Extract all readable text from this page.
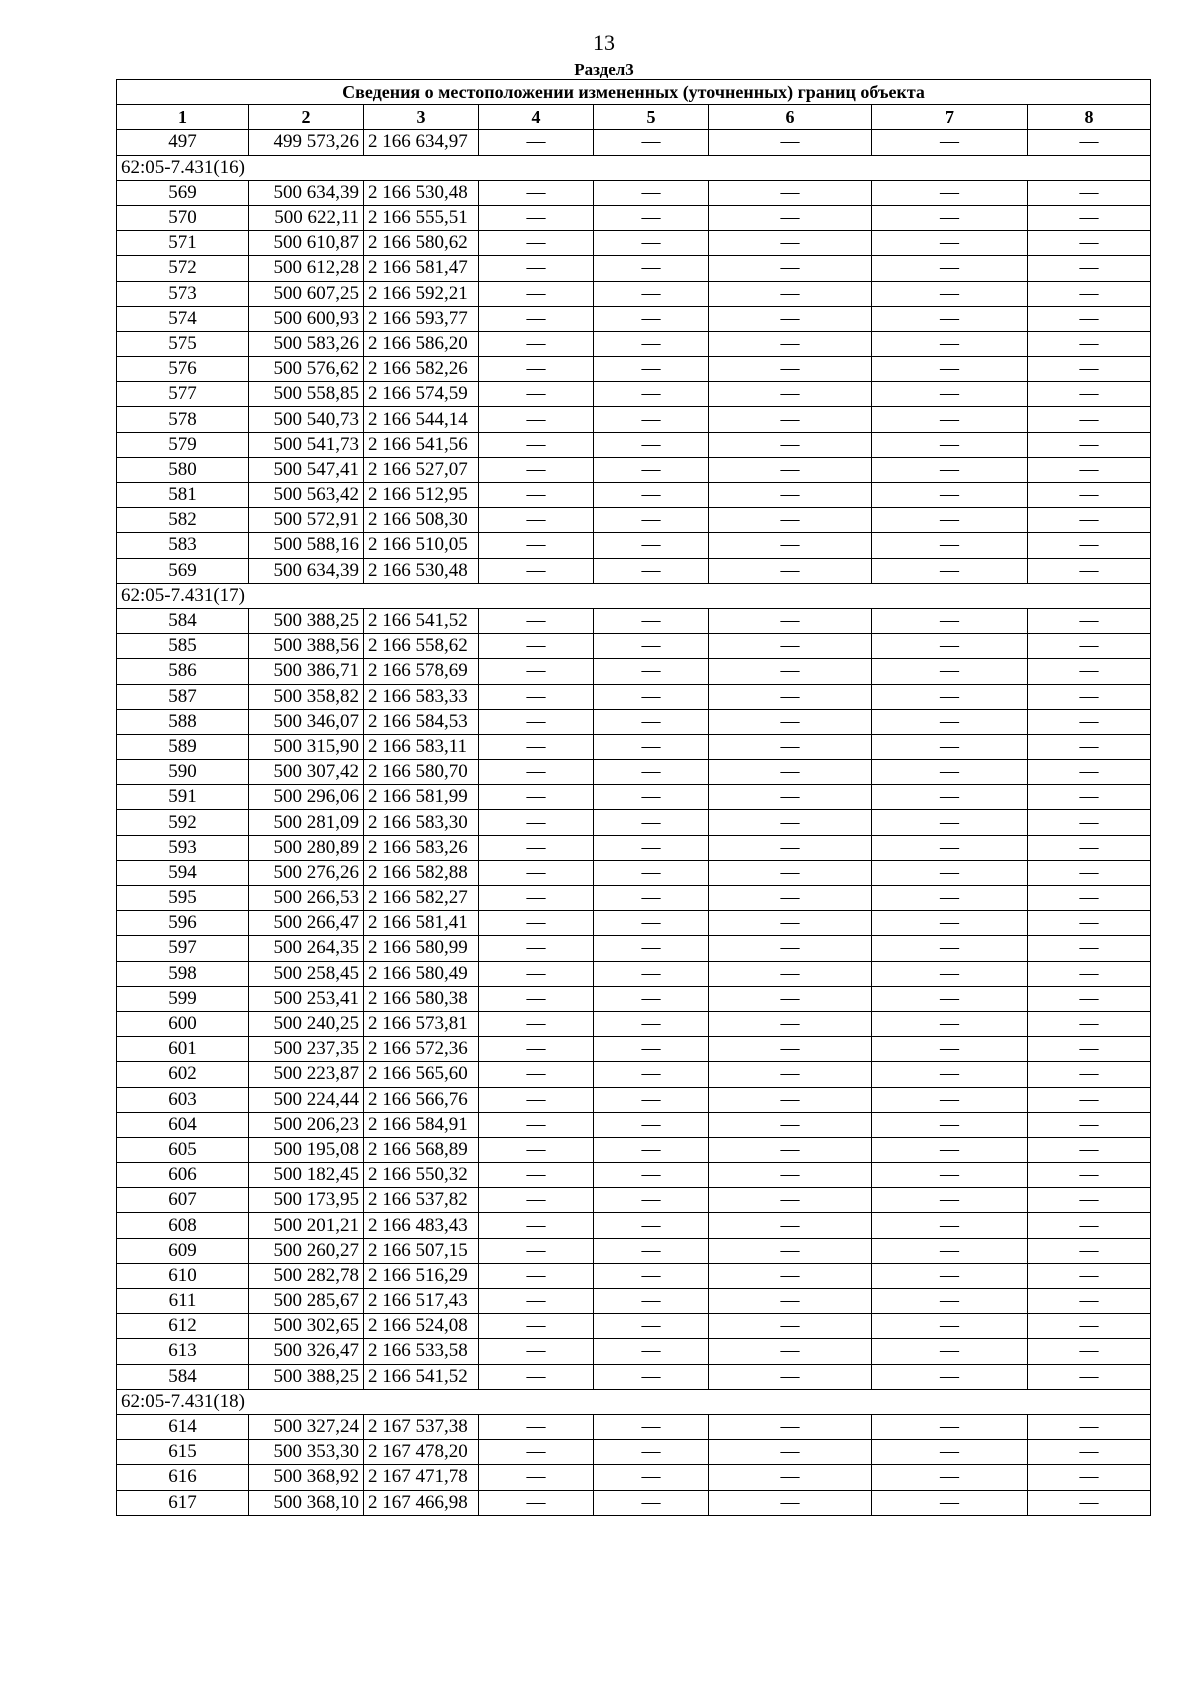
13
Раздел3
Сведения о местоположении измененных (уточненных) границ объекта							
1	2	3	4	5	6	7	8
497	499 573,26	2 166 634,97	—	—	—	—	—
62:05-7.431(16)							
569	500 634,39	2 166 530,48	—	—	—	—	—
570	500 622,11	2 166 555,51	—	—	—	—	—
571	500 610,87	2 166 580,62	—	—	—	—	—
572	500 612,28	2 166 581,47	—	—	—	—	—
573	500 607,25	2 166 592,21	—	—	—	—	—
574	500 600,93	2 166 593,77	—	—	—	—	—
575	500 583,26	2 166 586,20	—	—	—	—	—
576	500 576,62	2 166 582,26	—	—	—	—	—
577	500 558,85	2 166 574,59	—	—	—	—	—
578	500 540,73	2 166 544,14	—	—	—	—	—
579	500 541,73	2 166 541,56	—	—	—	—	—
580	500 547,41	2 166 527,07	—	—	—	—	—
581	500 563,42	2 166 512,95	—	—	—	—	—
582	500 572,91	2 166 508,30	—	—	—	—	—
583	500 588,16	2 166 510,05	—	—	—	—	—
569	500 634,39	2 166 530,48	—	—	—	—	—
62:05-7.431(17)							
584	500 388,25	2 166 541,52	—	—	—	—	—
585	500 388,56	2 166 558,62	—	—	—	—	—
586	500 386,71	2 166 578,69	—	—	—	—	—
587	500 358,82	2 166 583,33	—	—	—	—	—
588	500 346,07	2 166 584,53	—	—	—	—	—
589	500 315,90	2 166 583,11	—	—	—	—	—
590	500 307,42	2 166 580,70	—	—	—	—	—
591	500 296,06	2 166 581,99	—	—	—	—	—
592	500 281,09	2 166 583,30	—	—	—	—	—
593	500 280,89	2 166 583,26	—	—	—	—	—
594	500 276,26	2 166 582,88	—	—	—	—	—
595	500 266,53	2 166 582,27	—	—	—	—	—
596	500 266,47	2 166 581,41	—	—	—	—	—
597	500 264,35	2 166 580,99	—	—	—	—	—
598	500 258,45	2 166 580,49	—	—	—	—	—
599	500 253,41	2 166 580,38	—	—	—	—	—
600	500 240,25	2 166 573,81	—	—	—	—	—
601	500 237,35	2 166 572,36	—	—	—	—	—
602	500 223,87	2 166 565,60	—	—	—	—	—
603	500 224,44	2 166 566,76	—	—	—	—	—
604	500 206,23	2 166 584,91	—	—	—	—	—
605	500 195,08	2 166 568,89	—	—	—	—	—
606	500 182,45	2 166 550,32	—	—	—	—	—
607	500 173,95	2 166 537,82	—	—	—	—	—
608	500 201,21	2 166 483,43	—	—	—	—	—
609	500 260,27	2 166 507,15	—	—	—	—	—
610	500 282,78	2 166 516,29	—	—	—	—	—
611	500 285,67	2 166 517,43	—	—	—	—	—
612	500 302,65	2 166 524,08	—	—	—	—	—
613	500 326,47	2 166 533,58	—	—	—	—	—
584	500 388,25	2 166 541,52	—	—	—	—	—
62:05-7.431(18)							
614	500 327,24	2 167 537,38	—	—	—	—	—
615	500 353,30	2 167 478,20	—	—	—	—	—
616	500 368,92	2 167 471,78	—	—	—	—	—
617	500 368,10	2 167 466,98	—	—	—	—	—
